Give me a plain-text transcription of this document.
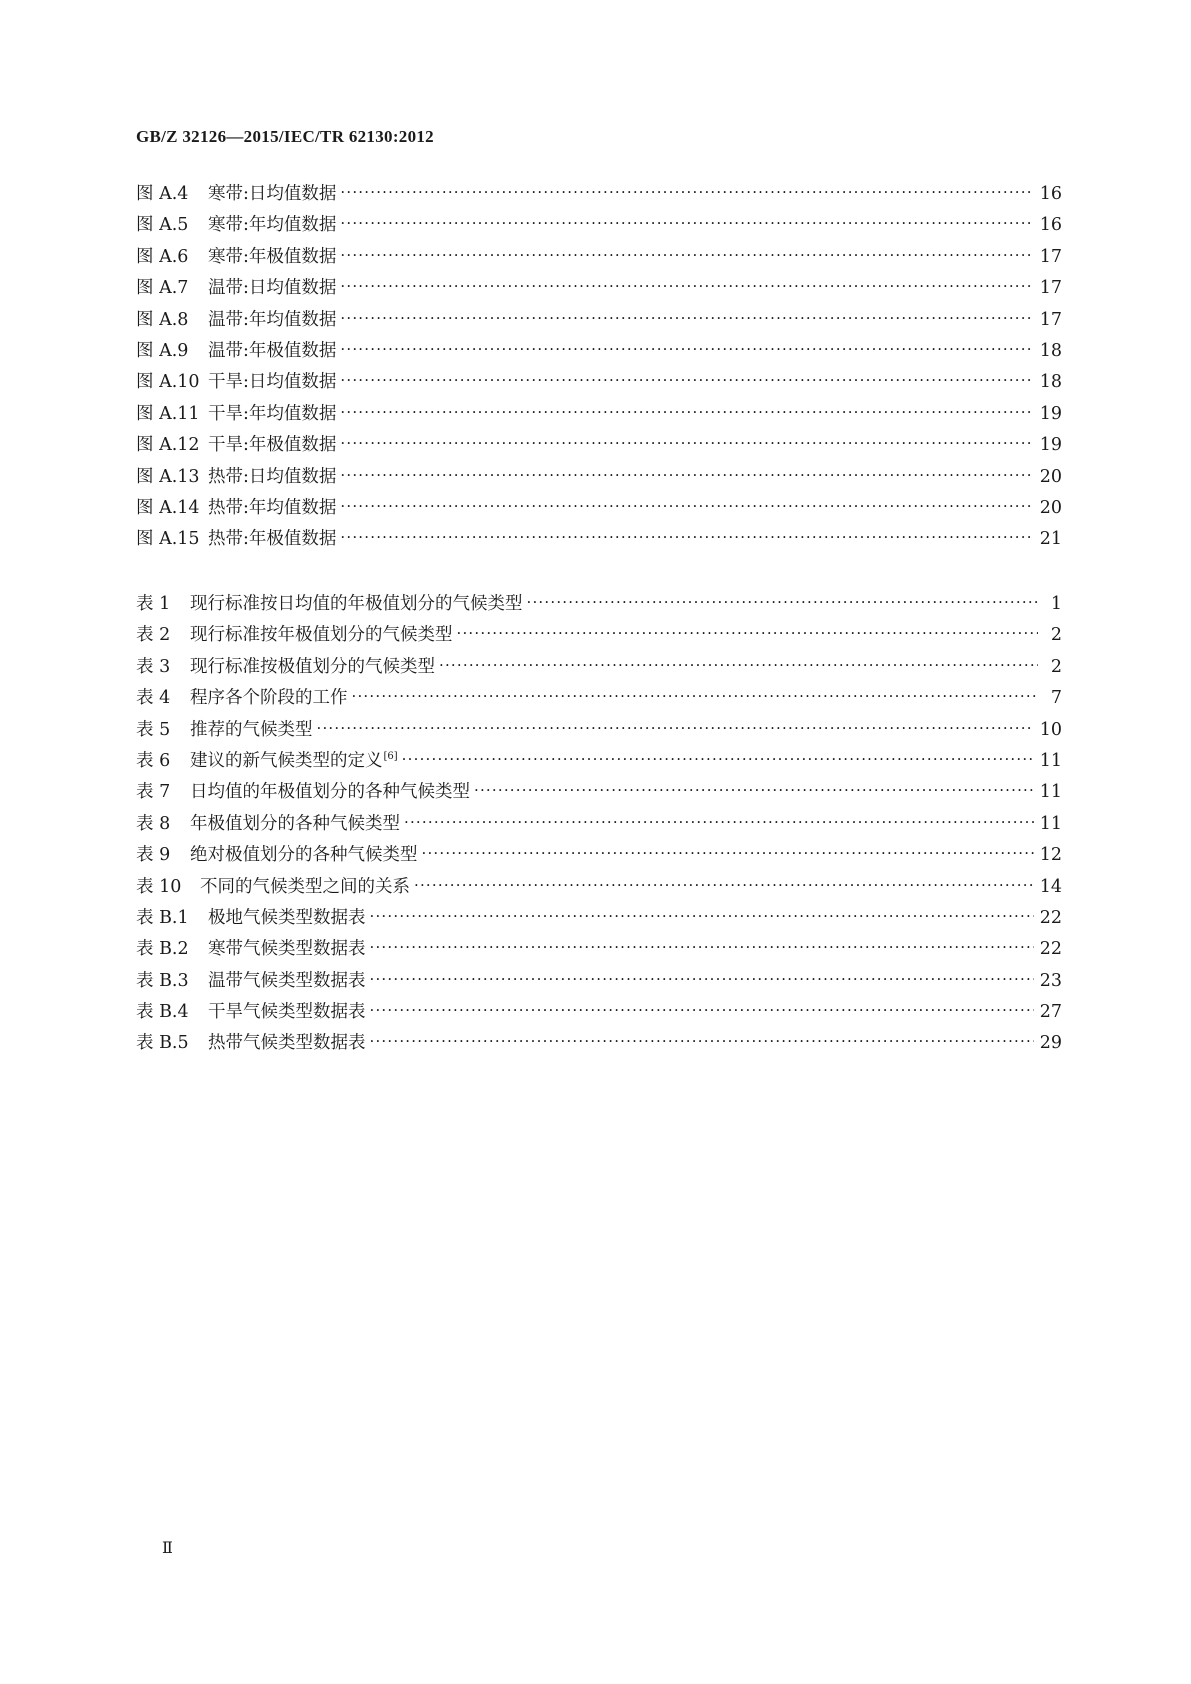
GB/Z 32126—2015/IEC/TR 62130:2012
图 A.4	寒带:日均值数据 ·····	16
图 A.5	寒带:年均值数据 ·····	16
图 A.6	寒带:年极值数据 ·····	17
图 A.7	温带:日均值数据 ·····	17
图 A.8	温带:年均值数据 ·····	17
图 A.9	温带:年极值数据 ·····	18
图 A.10 干旱:日均值数据 ·····	18
图 A.11 干旱:年均值数据 ·····	19
图 A.12 干旱:年极值数据 ·····	19
图 A.13 热带:日均值数据 ·····	20
图 A.14 热带:年均值数据 ·····	20
图 A.15 热带:年极值数据 ·····	21
表 1	现行标准按日均值的年极值划分的气候类型 ·····	1
表 2	现行标准按年极值划分的气候类型 ·····	2
表 3	现行标准按极值划分的气候类型 ·····	2
表 4	程序各个阶段的工作 ·····	7
表 5	推荐的气候类型 ·····	10
表 6	建议的新气候类型的定义[6] ·····	11
表 7	日均值的年极值划分的各种气候类型 ·····	11
表 8	年极值划分的各种气候类型 ·····	11
表 9	绝对极值划分的各种气候类型 ·····	12
表 10	不同的气候类型之间的关系 ·····	14
表 B.1	极地气候类型数据表 ·····	22
表 B.2	寒带气候类型数据表 ·····	22
表 B.3	温带气候类型数据表 ·····	23
表 B.4	干旱气候类型数据表 ·····	27
表 B.5	热带气候类型数据表 ·····	29
Ⅱ
